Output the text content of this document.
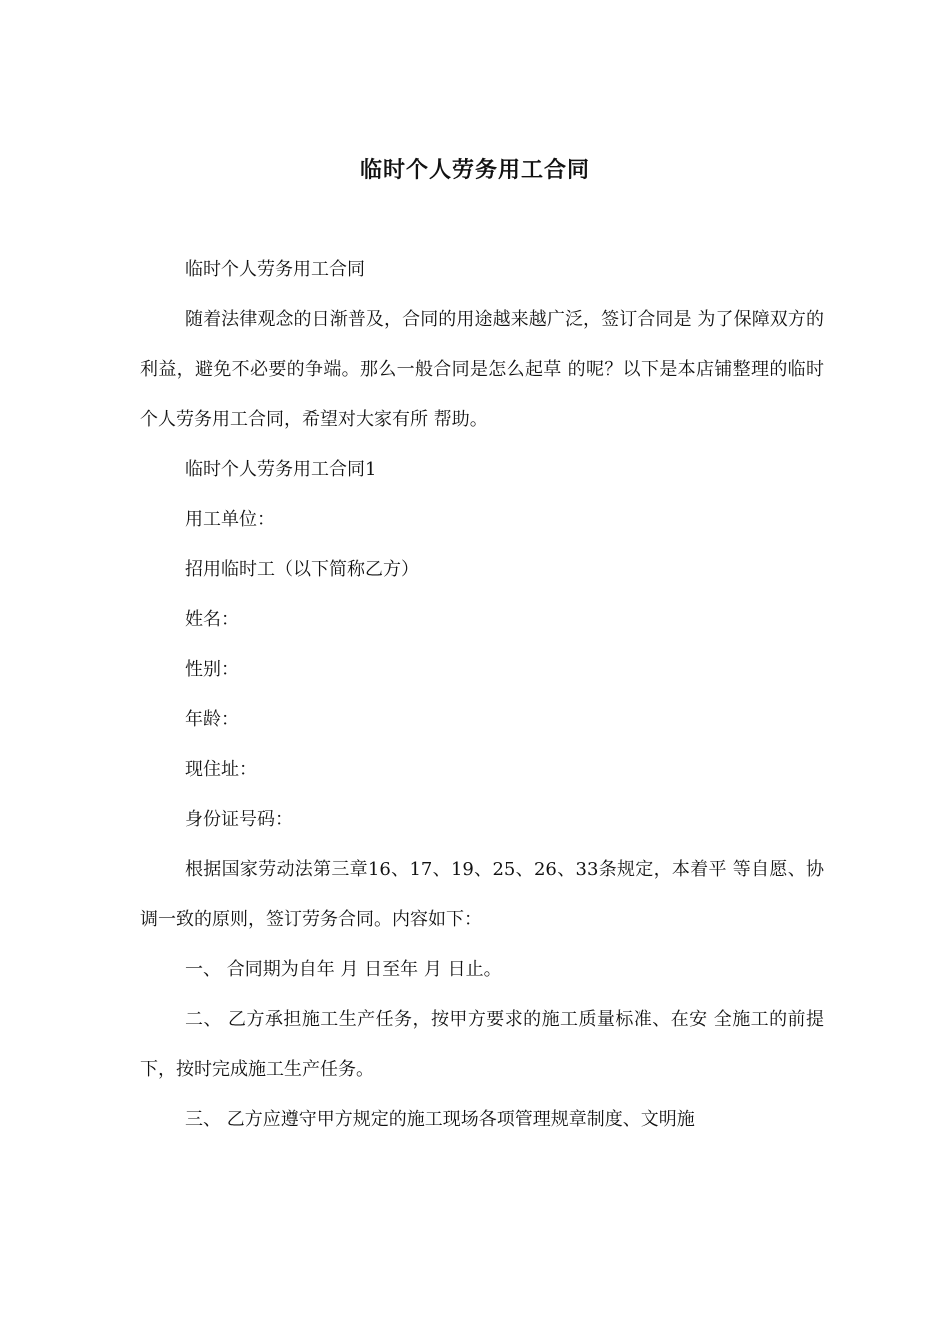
临时个人劳务用工合同

临时个人劳务用工合同

随着法律观念的日渐普及，合同的用途越来越广泛，签订合同是 为了保障双方的利益，避免不必要的争端。那么一般合同是怎么起草 的呢？以下是本店铺整理的临时个人劳务用工合同，希望对大家有所 帮助。

临时个人劳务用工合同1

用工单位：

招用临时工（以下简称乙方）

姓名：

性别：

年龄：

现住址：

身份证号码：

根据国家劳动法第三章16、17、19、25、26、33条规定，本着平 等自愿、协调一致的原则，签订劳务合同。内容如下：

一、 合同期为自年 月 日至年 月 日止。

二、 乙方承担施工生产任务，按甲方要求的施工质量标准、在安 全施工的前提下，按时完成施工生产任务。

三、 乙方应遵守甲方规定的施工现场各项管理规章制度、文明施
